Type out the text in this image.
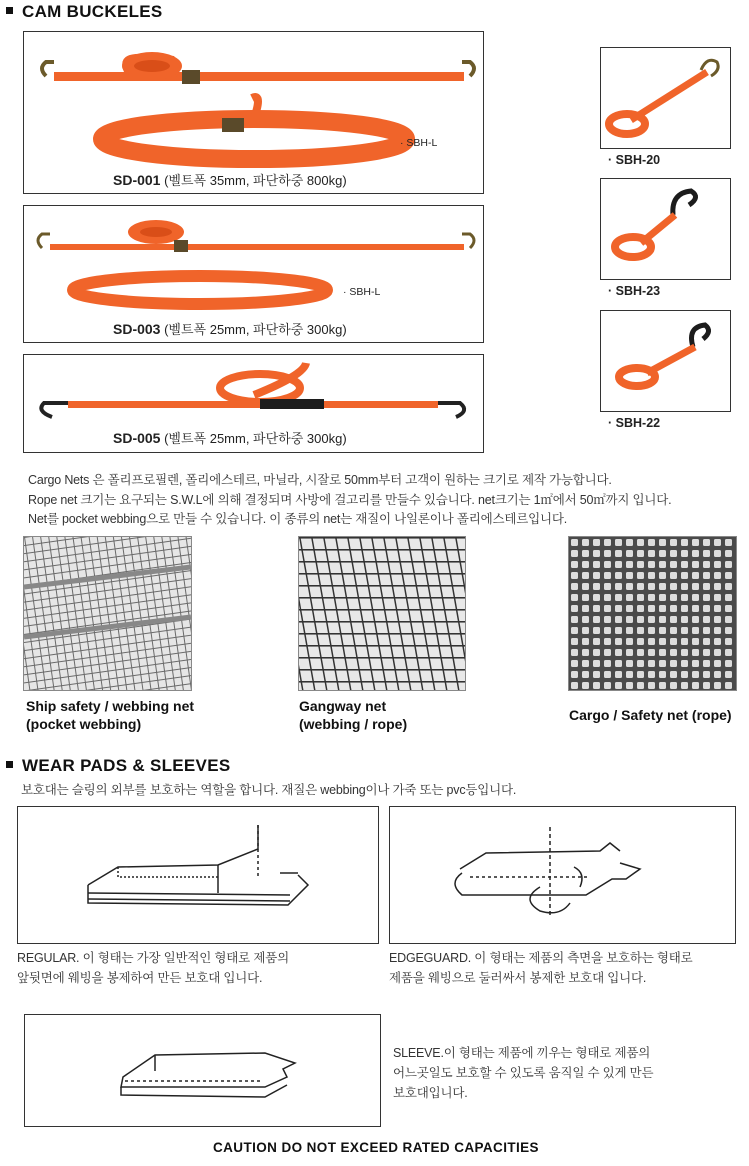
CAM BUCKELES
· SBH-L
SD-001 (벨트폭 35mm, 파단하중 800kg)
· SBH-L
SD-003 (벨트폭 25mm, 파단하중 300kg)
SD-005 (벨트폭 25mm, 파단하중 300kg)
· SBH-20
· SBH-23
· SBH-22
Cargo Nets 은 폴리프로필렌, 폴리에스테르, 마닐라, 시잘로 50mm부터 고객이 원하는 크기로 제작 가능합니다.
Rope net 크기는 요구되는 S.W.L에 의해 결정되며 사방에 걸고리를 만들수 있습니다. net크기는 1㎡에서 50㎡까지 입니다.
Net를 pocket webbing으로 만들 수 있습니다. 이 종류의 net는 재질이 나일론이나 폴리에스테르입니다.
Ship safety / webbing net
(pocket webbing)
Gangway net
(webbing / rope)
Cargo / Safety net (rope)
WEAR PADS & SLEEVES
보호대는 슬링의 외부를 보호하는 역할을 합니다. 재질은 webbing이나 가죽 또는 pvc등입니다.
REGULAR. 이 형태는 가장 일반적인 형태로 제품의
앞뒷면에 웨빙을 봉제하여 만든 보호대 입니다.
EDGEGUARD. 이 형태는 제품의 측면을 보호하는 형태로
제품을 웨빙으로 둘러싸서 봉제한 보호대 입니다.
SLEEVE.이 형태는 제품에 끼우는 형태로 제품의
어느곳일도 보호할 수 있도록 움직일 수 있게 만든
보호대입니다.
CAUTION DO NOT EXCEED RATED CAPACITIES
